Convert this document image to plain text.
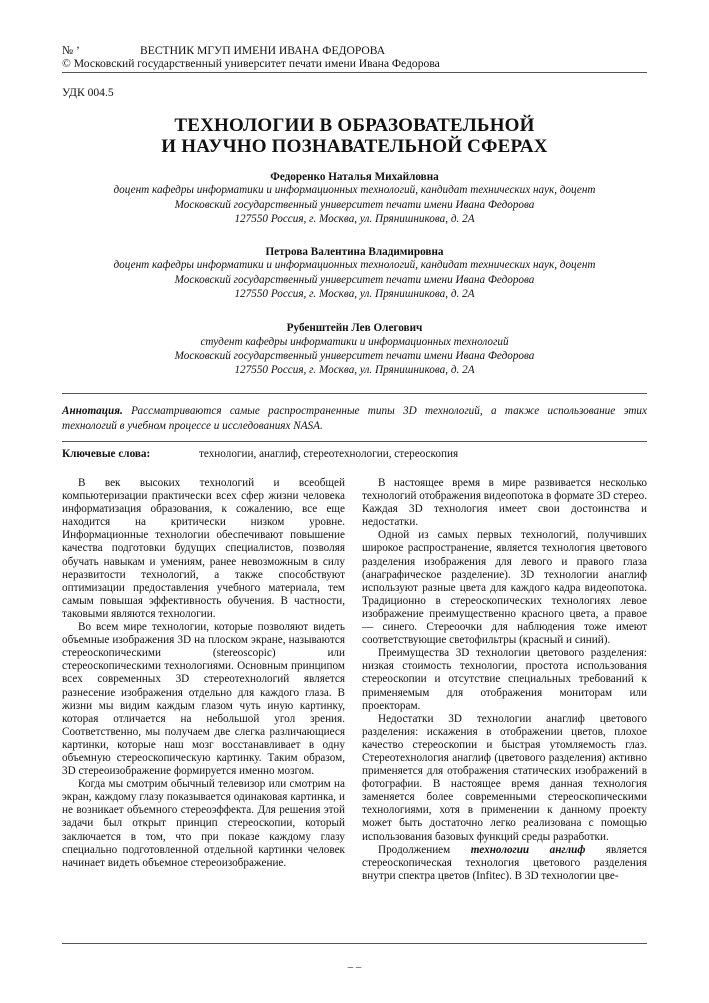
№ ’	ВЕСТНИК МГУП ИМЕНИ ИВАНА ФЕДОРОВА
© Московский государственный университет печати имени Ивана Федорова
УДК 004.5
ТЕХНОЛОГИИ В ОБРАЗОВАТЕЛЬНОЙ
И НАУЧНО ПОЗНАВАТЕЛЬНОЙ СФЕРАХ
Федоренко Наталья Михайловна
доцент кафедры информатики и информационных технологий, кандидат технических наук, доцент
Московский государственный университет печати имени Ивана Федорова
127550 Россия, г. Москва, ул. Прянишникова, д. 2А
Петрова Валентина Владимировна
доцент кафедры информатики и информационных технологий, кандидат технических наук, доцент
Московский государственный университет печати имени Ивана Федорова
127550 Россия, г. Москва, ул. Прянишникова, д. 2А
Рубенштейн Лев Олегович
студент кафедры информатики и информационных технологий
Московский государственный университет печати имени Ивана Федорова
127550 Россия, г. Москва, ул. Прянишникова, д. 2А
Аннотация. Рассматриваются самые распространенные типы 3D технологий, а также использование этих технологий в учебном процессе и исследованиях NASA.
Ключевые слова:	технологии, анаглиф, стереотехнологии, стереоскопия

В век высоких технологий и всеобщей компьютеризации практически всех сфер жизни человека информатизация образования, к сожалению, все еще находится на критически низком уровне. Информационные технологии обеспечивают повышение качества подготовки будущих специалистов, позволяя обучать навыкам и умениям, ранее невозможным в силу неразвитости технологий, а также способствуют оптимизации предоставления учебного материала, тем самым повышая эффективность обучения. В частности, таковыми являются технологии.

Во всем мире технологии, которые позволяют видеть объемные изображения 3D на плоском экране, называются стереоскопическими (stereoscopic) или стереоскопическими технологиями. Основным принципом всех современных 3D стереотехнологий является разнесение изображения отдельно для каждого глаза. В жизни мы видим каждым глазом чуть иную картинку, которая отличается на небольшой угол зрения. Соответственно, мы получаем две слегка различающиеся картинки, которые наш мозг восстанавливает в одну объемную стереоскопическую картинку. Таким образом, 3D стереоизображение формируется именно мозгом.

Когда мы смотрим обычный телевизор или смотрим на экран, каждому глазу показывается одинаковая картинка, и не возникает объемного стереоэффекта. Для решения этой задачи был открыт принцип стереоскопии, который заключается в том, что при показе каждому глазу специально подготовленной отдельной картинки человек начинает видеть объемное стереоизображение.

В настоящее время в мире развивается несколько технологий отображения видеопотока в формате 3D стерео. Каждая 3D технология имеет свои достоинства и недостатки.

Одной из самых первых технологий, получивших широкое распространение, является технология цветового разделения изображения для левого и правого глаза (анаграфическое разделение). 3D технологии анаглиф используют разные цвета для каждого кадра видеопотока. Традиционно в стереоскопических технологиях левое изображение преимущественно красного цвета, а правое — синего. Стереоочки для наблюдения тоже имеют соответствующие светофильтры (красный и синий).

Преимущества 3D технологии цветового разделения: низкая стоимость технологии, простота использования стереоскопии и отсутствие специальных требований к применяемым для отображения мониторам или проекторам.

Недостатки 3D технологии анаглиф цветового разделения: искажения в отображении цветов, плохое качество стереоскопии и быстрая утомляемость глаз. Стереотехнология анаглиф (цветового разделения) активно применяется для отображения статических изображений в фотографии. В настоящее время данная технология заменяется более современными стереоскопическими технологиями, хотя в применении к данному проекту может быть достаточно легко реализована с помощью использования базовых функций среды разработки.

Продолжением технологии англиф является стереоскопическая технология цветового разделения внутри спектра цветов (Infitec). В 3D технологии цве-

– –
